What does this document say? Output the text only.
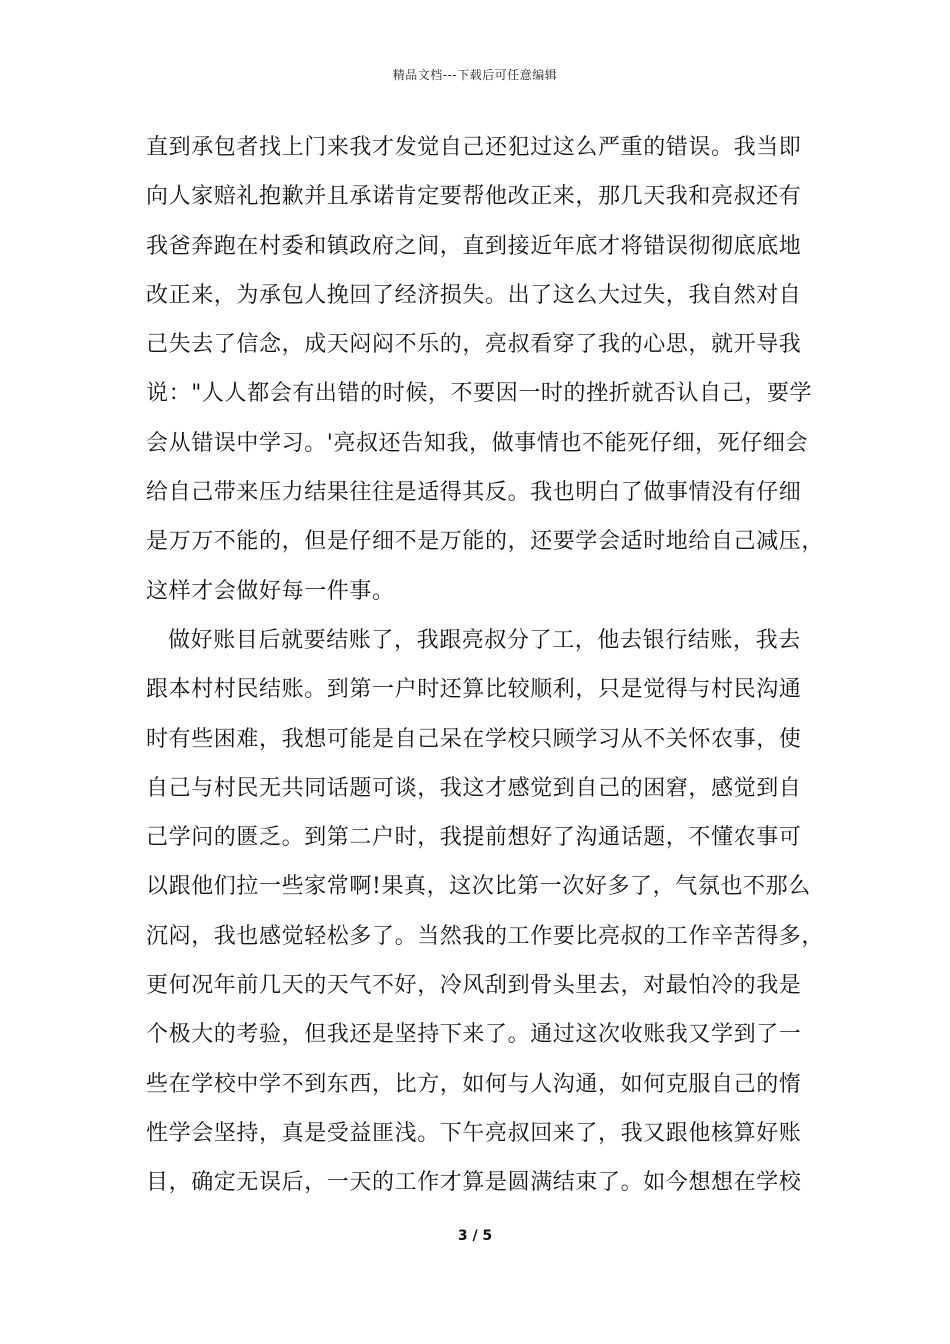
精品文档---下载后可任意编辑
直到承包者找上门来我才发觉自己还犯过这么严重的错误。我当即
向人家赔礼抱歉并且承诺肯定要帮他改正来，那几天我和亮叔还有
我爸奔跑在村委和镇政府之间，直到接近年底才将错误彻彻底底地
改正来，为承包人挽回了经济损失。出了这么大过失，我自然对自
己失去了信念，成天闷闷不乐的，亮叔看穿了我的心思，就开导我
说："人人都会有出错的时候，不要因一时的挫折就否认自己，要学
会从错误中学习。'亮叔还告知我，做事情也不能死仔细，死仔细会
给自己带来压力结果往往是适得其反。我也明白了做事情没有仔细
是万万不能的，但是仔细不是万能的，还要学会适时地给自己减压，
这样才会做好每一件事。
做好账目后就要结账了，我跟亮叔分了工，他去银行结账，我去
跟本村村民结账。到第一户时还算比较顺利，只是觉得与村民沟通
时有些困难，我想可能是自己呆在学校只顾学习从不关怀农事，使
自己与村民无共同话题可谈，我这才感觉到自己的困窘，感觉到自
己学问的匮乏。到第二户时，我提前想好了沟通话题，不懂农事可
以跟他们拉一些家常啊!果真，这次比第一次好多了，气氛也不那么
沉闷，我也感觉轻松多了。当然我的工作要比亮叔的工作辛苦得多，
更何况年前几天的天气不好，冷风刮到骨头里去，对最怕冷的我是
个极大的考验，但我还是坚持下来了。通过这次收账我又学到了一
些在学校中学不到东西，比方，如何与人沟通，如何克服自己的惰
性学会坚持，真是受益匪浅。下午亮叔回来了，我又跟他核算好账
目，确定无误后，一天的工作才算是圆满结束了。如今想想在学校
3 / 5
